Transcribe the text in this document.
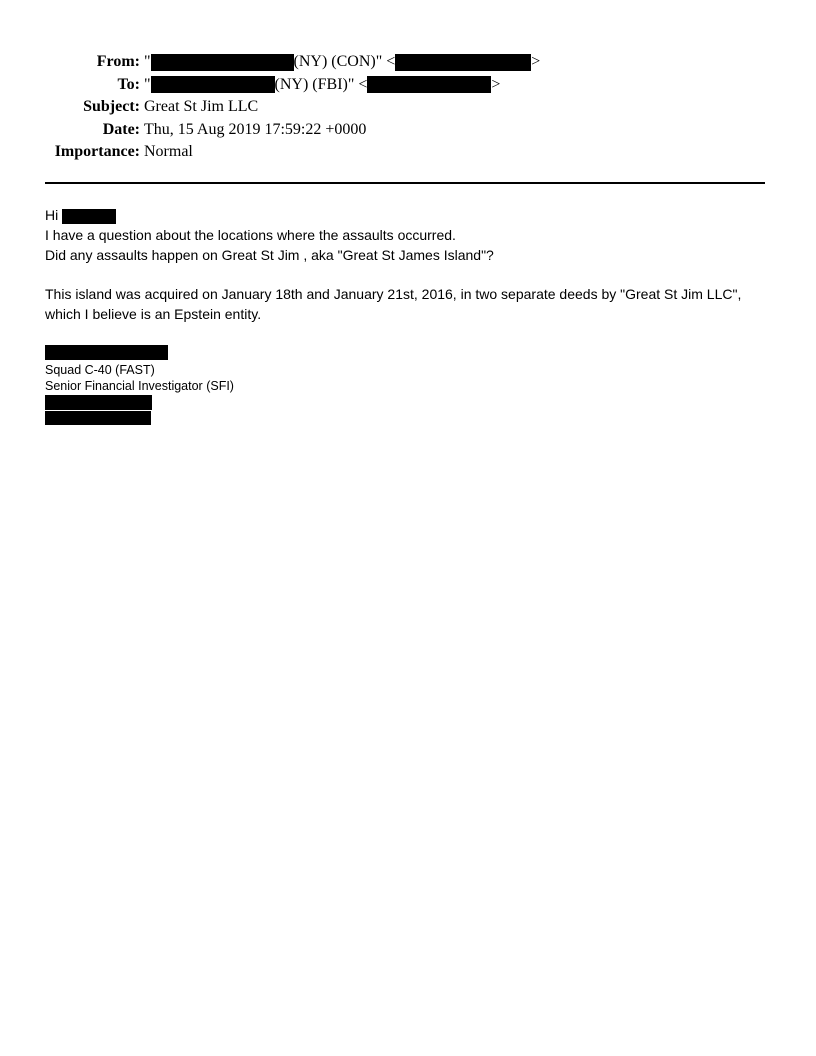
From: "	(NY) (CON)" <	>
To: "	(NY) (FBI)" <	>
Subject: Great St Jim LLC
Date: Thu, 15 Aug 2019 17:59:22 +0000
Importance: Normal

Hi

I have a question about the locations where the assaults occurred.

Did any assaults happen on Great St Jim , aka "Great St James Island"?

This island was acquired on January 18th and January 21st, 2016, in two separate deeds by "Great St Jim LLC",

which I believe is an Epstein entity.

Squad C-40 (FAST)
Senior Financial Investigator (SFI)
